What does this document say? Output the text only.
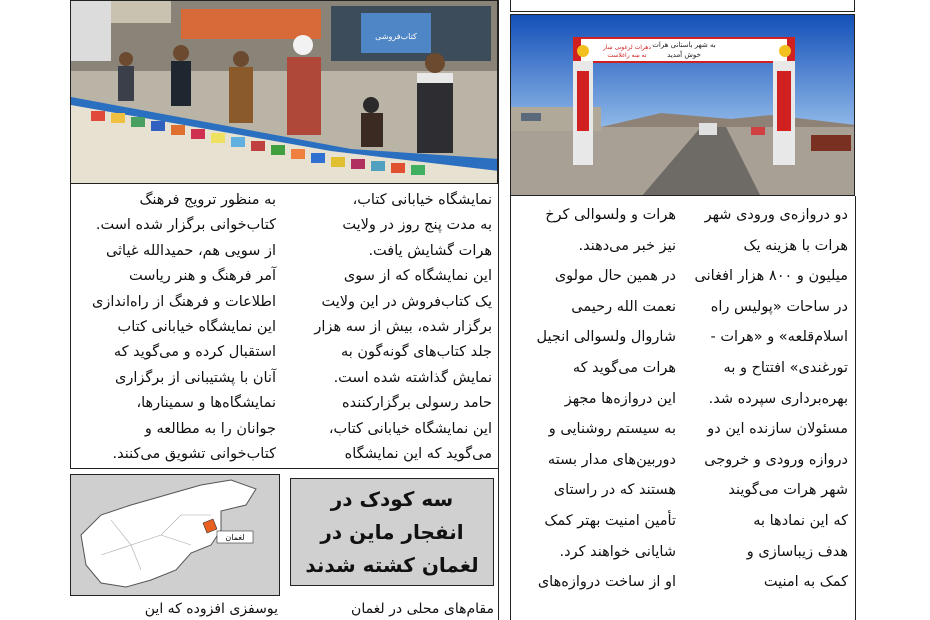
کتاب‌فروشی
به شهر باستانی هرات
خوش آمدید
دهرات لرغونی ښار
ته ښه راغلاست
نمایشگاه خیابانی کتاب،
به مدت پنج روز در ولایت
هرات گشایش یافت.
این نمایشگاه که از سوی
یک کتاب‌فروش در این ولایت
برگزار شده، بیش از سه هزار
جلد کتاب‌های گونه‌گون به
نمایش گذاشته شده است.
حامد رسولی برگزارکننده
این نمایشگاه خیابانی کتاب،
می‌گوید که این نمایشگاه
به منظور ترویج فرهنگ
کتاب‌خوانی برگزار شده است.
از سویی هم، حمیدالله غیاثی
آمر فرهنگ و هنر ریاست
اطلاعات و فرهنگ از راه‌اندازی
این نمایشگاه خیابانی کتاب
استقبال کرده و می‌گوید که
آنان با پشتیبانی از برگزاری
نمایشگاه‌ها و سمینارها،
جوانان را به مطالعه و
کتاب‌خوانی تشویق می‌کنند.
دو دروازه‌ی ورودی شهر
هرات با هزینه یک
میلیون و ۸۰۰ هزار افغانی
در ساحات «پولیس راه
اسلام‌قلعه» و «هرات -
تورغندی» افتتاح و به
بهره‌برداری سپرده شد.
مسئولان سازنده این دو
دروازه ورودی و خروجی
شهر هرات می‌گویند
که این نمادها به
هدف زیباسازی و
کمک به امنیت
هرات و ولسوالی کرخ
نیز خبر می‌دهند.
در همین حال مولوی
نعمت الله رحیمی
شاروال ولسوالی انجیل
هرات می‌گوید که
این دروازه‌ها مجهز
به سیستم روشنایی و
دوربین‌های مدار بسته
هستند که در راستای
تأمین امنیت بهتر کمک
شایانی خواهند کرد.
او از ساخت دروازه‌های
لغمان
سه کودک در انفجار ماین در لغمان کشته شدند
مقام‌های محلی در لغمان
یوسفزی افزوده که این
